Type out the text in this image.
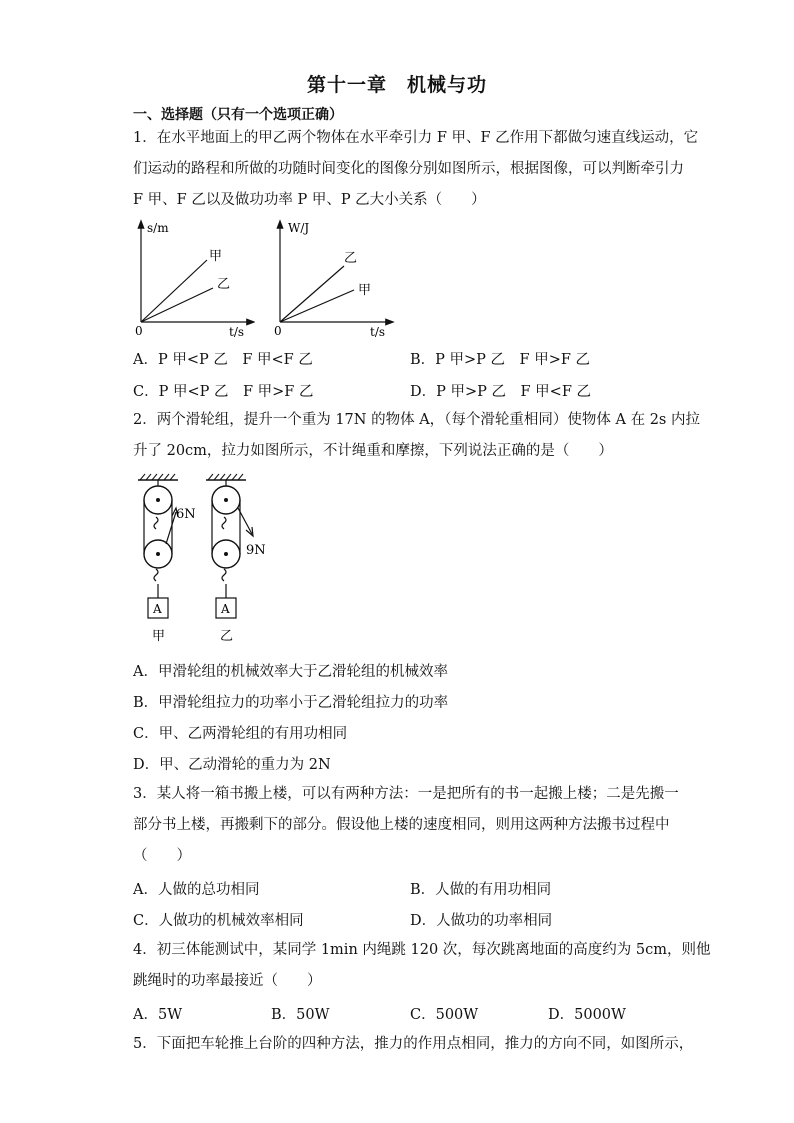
第十一章　机械与功
一、选择题（只有一个选项正确）
1．在水平地面上的甲乙两个物体在水平牵引力 F 甲、F 乙作用下都做匀速直线运动，它
们运动的路程和所做的功随时间变化的图像分别如图所示，根据图像，可以判断牵引力
F 甲、F 乙以及做功功率 P 甲、P 乙大小关系（　　）
s/m
t/s
0
甲
乙
W/J
t/s
0
乙
甲
A．P 甲<P 乙　F 甲<F 乙	B．P 甲>P 乙　F 甲>F 乙
C．P 甲<P 乙　F 甲>F 乙	D．P 甲>P 乙　F 甲<F 乙
2．两个滑轮组，提升一个重为 17N 的物体 A，（每个滑轮重相同）使物体 A 在 2s 内拉
升了 20cm，拉力如图所示，不计绳重和摩擦，下列说法正确的是（　　）
6N
A
甲
9N
A
乙
A．甲滑轮组的机械效率大于乙滑轮组的机械效率
B．甲滑轮组拉力的功率小于乙滑轮组拉力的功率
C．甲、乙两滑轮组的有用功相同
D．甲、乙动滑轮的重力为 2N
3．某人将一箱书搬上楼，可以有两种方法：一是把所有的书一起搬上楼；二是先搬一
部分书上楼，再搬剩下的部分。假设他上楼的速度相同，则用这两种方法搬书过程中
（　　）
A．人做的总功相同	B．人做的有用功相同
C．人做功的机械效率相同	D．人做功的功率相同
4．初三体能测试中，某同学 1min 内绳跳 120 次，每次跳离地面的高度约为 5cm，则他
跳绳时的功率最接近（　　）
A．5W	B．50W	C．500W	D．5000W
5．下面把车轮推上台阶的四种方法，推力的作用点相同，推力的方向不同，如图所示，
